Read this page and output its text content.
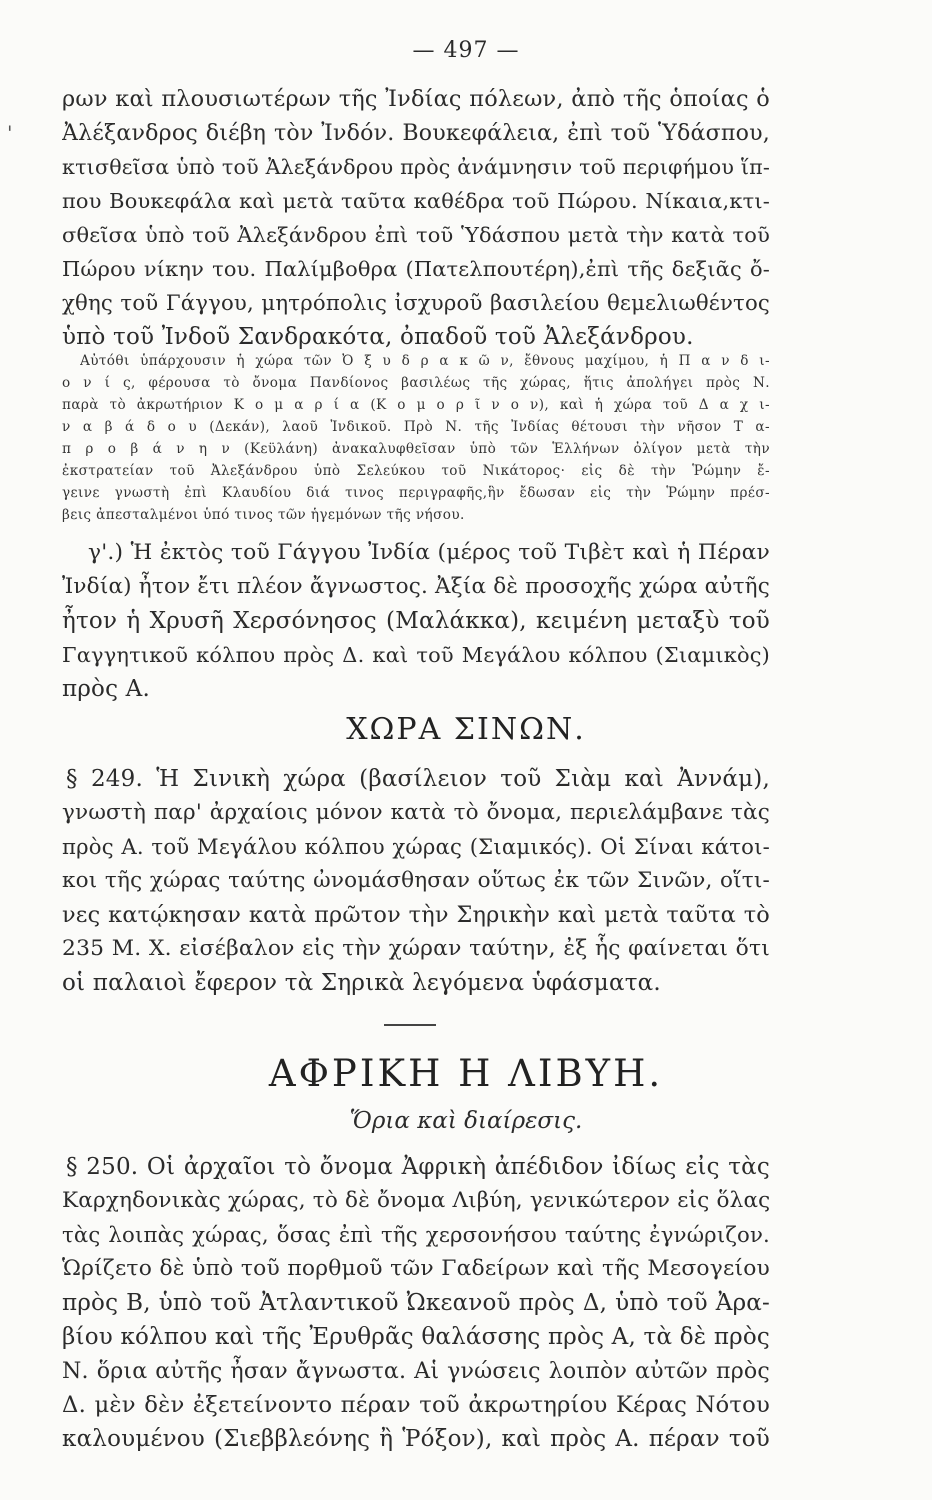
— 497 —
'
ρων καὶ πλουσιωτέρων τῆς Ἰνδίας πόλεων, ἀπὸ τῆς ὁποίας ὁ
Ἀλέξανδρος διέβη τὸν Ἰνδόν. Βουκεφάλεια, ἐπὶ τοῦ Ὑδάσπου,
κτισθεῖσα ὑπὸ τοῦ Ἀλεξάνδρου πρὸς ἀνάμνησιν τοῦ περιφήμου ἵπ-
που Βουκεφάλα καὶ μετὰ ταῦτα καθέδρα τοῦ Πώρου. Νίκαια,κτι-
σθεῖσα ὑπὸ τοῦ Ἀλεξάνδρου ἐπὶ τοῦ Ὑδάσπου μετὰ τὴν κατὰ τοῦ
Πώρου νίκην του. Παλίμβοθρα (Πατελπουτέρη),ἐπὶ τῆς δεξιᾶς ὄ-
χθης τοῦ Γάγγου, μητρόπολις ἰσχυροῦ βασιλείου θεμελιωθέντος
ὑπὸ τοῦ Ἰνδοῦ Σανδρακότα, ὀπαδοῦ τοῦ Ἀλεξάνδρου.
Αὐτόθι ὑπάρχουσιν ἡ χώρα τῶν Ὀ ξ υ δ ρ α κ ῶ ν, ἔθνους μαχίμου, ἡ Π α ν δ ι-
ο ν ί ς, φέρουσα τὸ ὄνομα Πανδίονος βασιλέως τῆς χώρας, ἥτις ἀπολήγει πρὸς Ν.
παρὰ τὸ ἀκρωτήριον Κ ο μ α ρ ί α (Κ ο μ ο ρ ῖ ν ο ν), καὶ ἡ χώρα τοῦ Δ α χ ι-
ν α β ά δ ο υ (Δεκάν), λαοῦ Ἰνδικοῦ. Πρὸ Ν. τῆς Ἰνδίας θέτουσι τὴν νῆσον Τ α-
π ρ ο β ά ν η ν (Κεϋλάνη) ἀνακαλυφθεῖσαν ὑπὸ τῶν Ἑλλήνων ὀλίγον μετὰ τὴν
ἐκστρατείαν τοῦ Ἀλεξάνδρου ὑπὸ Σελεύκου τοῦ Νικάτορος· εἰς δὲ τὴν Ῥώμην ἔ-
γεινε γνωστὴ ἐπὶ Κλαυδίου διά τινος περιγραφῆς,ἣν ἔδωσαν εἰς τὴν Ῥώμην πρέσ-
βεις ἀπεσταλμένοι ὑπό τινος τῶν ἡγεμόνων τῆς νήσου.
γ'.) Ἡ ἐκτὸς τοῦ Γάγγου Ἰνδία (μέρος τοῦ Τιβὲτ καὶ ἡ Πέραν
Ἰνδία) ἦτον ἔτι πλέον ἄγνωστος. Ἀξία δὲ προσοχῆς χώρα αὐτῆς
ἦτον ἡ Χρυσῆ Χερσόνησος (Μαλάκκα), κειμένη μεταξὺ τοῦ
Γαγγητικοῦ κόλπου πρὸς Δ. καὶ τοῦ Μεγάλου κόλπου (Σιαμικὸς)
πρὸς Α.
ΧΩΡΑ ΣΙΝΩΝ.
§ 249. Ἡ Σινικὴ χώρα (βασίλειον τοῦ Σιὰμ καὶ Ἀννάμ),
γνωστὴ παρ' ἀρχαίοις μόνον κατὰ τὸ ὄνομα, περιελάμβανε τὰς
πρὸς Α. τοῦ Μεγάλου κόλπου χώρας (Σιαμικός). Οἱ Σίναι κάτοι-
κοι τῆς χώρας ταύτης ὠνομάσθησαν οὕτως ἐκ τῶν Σινῶν, οἵτι-
νες κατῴκησαν κατὰ πρῶτον τὴν Σηρικὴν καὶ μετὰ ταῦτα τὸ
235 Μ. Χ. εἰσέβαλον εἰς τὴν χώραν ταύτην, ἐξ ἧς φαίνεται ὅτι
οἱ παλαιοὶ ἔφερον τὰ Σηρικὰ λεγόμενα ὑφάσματα.
ΑΦΡΙΚΗ Η ΛΙΒΥΗ.
Ὅρια καὶ διαίρεσις.
§ 250. Οἱ ἀρχαῖοι τὸ ὄνομα Ἀφρικὴ ἀπέδιδον ἰδίως εἰς τὰς
Καρχηδονικὰς χώρας, τὸ δὲ ὄνομα Λιβύη, γενικώτερον εἰς ὅλας
τὰς λοιπὰς χώρας, ὅσας ἐπὶ τῆς χερσονήσου ταύτης ἐγνώριζον.
Ὡρίζετο δὲ ὑπὸ τοῦ πορθμοῦ τῶν Γαδείρων καὶ τῆς Μεσογείου
πρὸς Β, ὑπὸ τοῦ Ἀτλαντικοῦ Ὠκεανοῦ πρὸς Δ, ὑπὸ τοῦ Ἀρα-
βίου κόλπου καὶ τῆς Ἐρυθρᾶς θαλάσσης πρὸς Α, τὰ δὲ πρὸς
Ν. ὅρια αὐτῆς ἦσαν ἄγνωστα. Αἱ γνώσεις λοιπὸν αὐτῶν πρὸς
Δ. μὲν δὲν ἐξετείνοντο πέραν τοῦ ἀκρωτηρίου Κέρας Νότου
καλουμένου (Σιεββλεόνης ἢ Ῥόξον), καὶ πρὸς Α. πέραν τοῦ
